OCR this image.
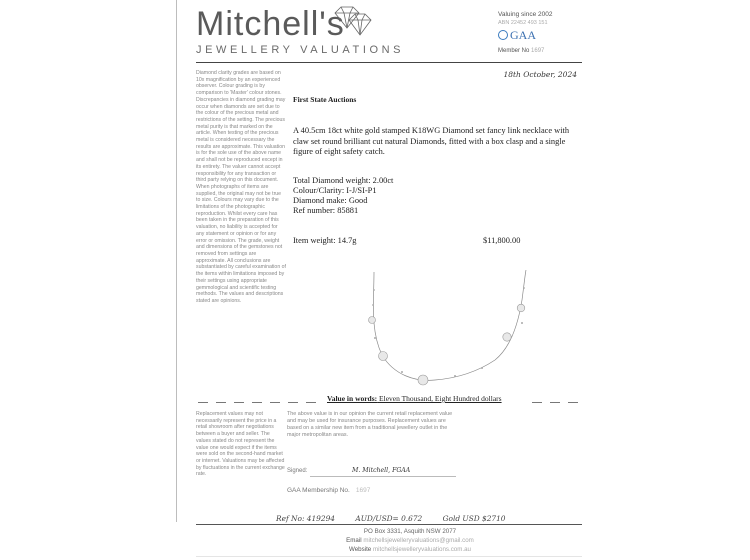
Mitchell's
JEWELLERY VALUATIONS
Valuing since 2002
ABN 22452 493 151
GAA
Member No 1697
Diamond clarity grades are based on 10x magnification by an experienced observer. Colour grading is by comparison to 'Master' colour stones. Discrepancies in diamond grading may occur when diamonds are set due to the colour of the precious metal and restrictions of the setting. The precious metal purity is that marked on the article. When testing of the precious metal is considered necessary the results are approximate. This valuation is for the sole use of the above name and shall not be reproduced except in its entirety. The valuer cannot accept responsibility for any transaction or third party relying on this document. When photographs of items are supplied, the original may not be true to size. Colours may vary due to the limitations of the photographic reproduction. Whilst every care has been taken in the preparation of this valuation, no liability is accepted for any statement or opinion or for any error or omission. The grade, weight and dimensions of the gemstones not removed from settings are approximate. All conclusions are substantiated by careful examination of the items within limitations imposed by their settings using appropriate gemmological and scientific testing methods. The values and descriptions stated are opinions.
18th October, 2024
First State Auctions
A 40.5cm 18ct white gold stamped K18WG Diamond set fancy link necklace with claw set round brilliant cut natural Diamonds, fitted with a box clasp and a single figure of eight safety catch.
Total Diamond weight: 2.00ct
Colour/Clarity: I-J/SI-P1
Diamond make: Good
Ref number: 85881
Item weight: 14.7g	$11,800.00
Value in words: Eleven Thousand, Eight Hundred dollars
Replacement values may not necessarily represent the price in a retail showroom after negotiations between a buyer and seller. The values stated do not represent the value one would expect if the items were sold on the second-hand market or internet. Valuations may be affected by fluctuations in the current exchange rate.
The above value is in our opinion the current retail replacement value and may be used for insurance purposes. Replacement values are based on a similar new item from a traditional jewellery outlet in the major metropolitan areas.
Signed:	M. Mitchell, FGAA
GAA Membership No. 1697
Ref No: 419294	AUD/USD= 0.672	Gold USD $2710
PO Box 3331, Asquith NSW 2077
Email mitchellsjewelleryvaluations@gmail.com
Website mitchellsjewelleryvaluations.com.au
